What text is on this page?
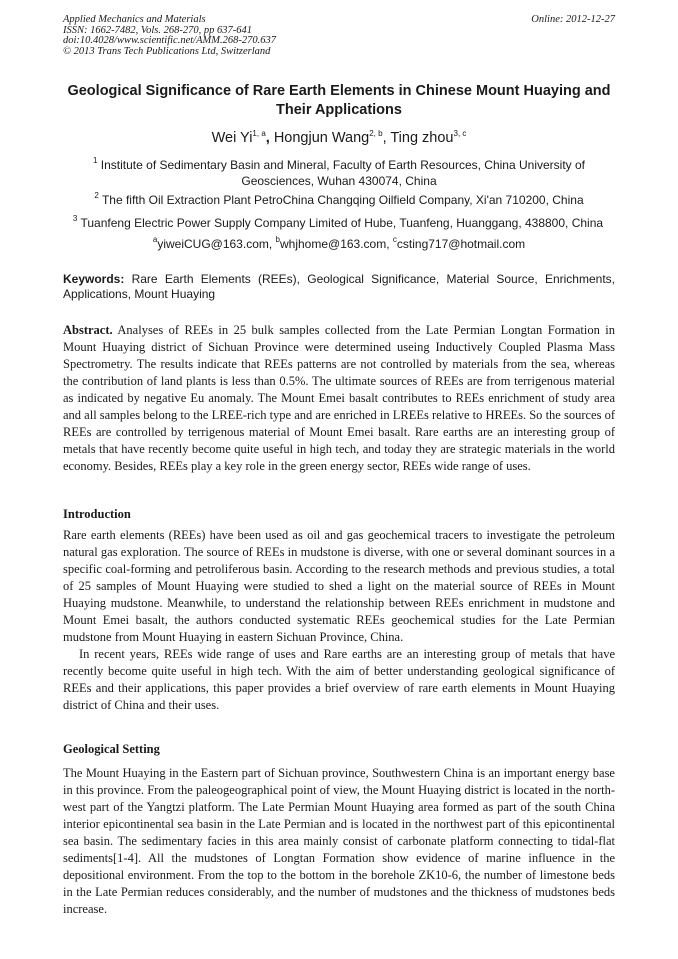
Applied Mechanics and Materials
ISSN: 1662-7482, Vols. 268-270, pp 637-641
doi:10.4028/www.scientific.net/AMM.268-270.637
© 2013 Trans Tech Publications Ltd, Switzerland
Online: 2012-12-27
Geological Significance of Rare Earth Elements in Chinese Mount Huaying and Their Applications
Wei Yi$^{1, a}$, Hongjun Wang$^{2, b}$, Ting zhou$^{3, c}$
$^1$ Institute of Sedimentary Basin and Mineral, Faculty of Earth Resources, China University of Geosciences, Wuhan 430074, China
$^2$ The fifth Oil Extraction Plant PetroChina Changqing Oilfield Company, Xi'an 710200, China
$^3$ Tuanfeng Electric Power Supply Company Limited of Hube, Tuanfeng, Huanggang, 438800, China
$^a$yiweiCUG@163.com, $^b$whjhome@163.com, $^c$csting717@hotmail.com
Keywords: Rare Earth Elements (REEs), Geological Significance, Material Source, Enrichments, Applications, Mount Huaying
Abstract. Analyses of REEs in 25 bulk samples collected from the Late Permian Longtan Formation in Mount Huaying district of Sichuan Province were determined useing Inductively Coupled Plasma Mass Spectrometry. The results indicate that REEs patterns are not controlled by materials from the sea, whereas the contribution of land plants is less than 0.5%. The ultimate sources of REEs are from terrigenous material as indicated by negative Eu anomaly. The Mount Emei basalt contributes to REEs enrichment of study area and all samples belong to the LREE-rich type and are enriched in LREEs relative to HREEs. So the sources of REEs are controlled by terrigenous material of Mount Emei basalt. Rare earths are an interesting group of metals that have recently become quite useful in high tech, and today they are strategic materials in the world economy. Besides, REEs play a key role in the green energy sector, REEs wide range of uses.
Introduction

Rare earth elements (REEs) have been used as oil and gas geochemical tracers to investigate the petroleum natural gas exploration. The source of REEs in mudstone is diverse, with one or several dominant sources in a specific coal-forming and petroliferous basin. According to the research methods and previous studies, a total of 25 samples of Mount Huaying were studied to shed a light on the material source of REEs in Mount Huaying mudstone. Meanwhile, to understand the relationship between REEs enrichment in mudstone and Mount Emei basalt, the authors conducted systematic REEs geochemical studies for the Late Permian mudstone from Mount Huaying in eastern Sichuan Province, China.

In recent years, REEs wide range of uses and Rare earths are an interesting group of metals that have recently become quite useful in high tech. With the aim of better understanding geological significance of REEs and their applications, this paper provides a brief overview of rare earth elements in Mount Huaying district of China and their uses.

Geological Setting

The Mount Huaying in the Eastern part of Sichuan province, Southwestern China is an important energy base in this province. From the paleogeographical point of view, the Mount Huaying district is located in the north-west part of the Yangtzi platform. The Late Permian Mount Huaying area formed as part of the south China interior epicontinental sea basin in the Late Permian and is located in the northwest part of this epicontinental sea basin. The sedimentary facies in this area mainly consist of carbonate platform connecting to tidal-flat sediments[1-4]. All the mudstones of Longtan Formation show evidence of marine influence in the depositional environment. From the top to the bottom in the borehole ZK10-6, the number of limestone beds in the Late Permian reduces considerably, and the number of mudstones and the thickness of mudstones beds increase.
